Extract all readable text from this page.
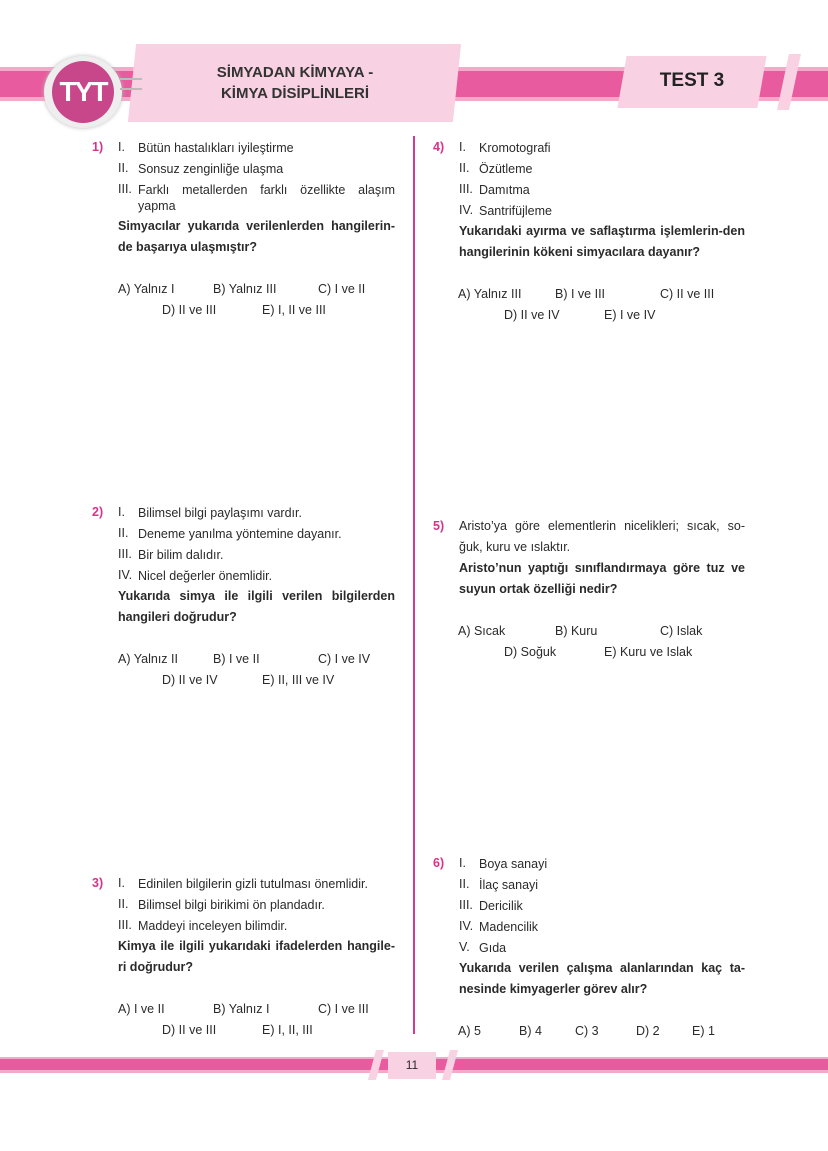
SİMYADAN KİMYAYA -
KİMYA DİSİPLİNLERİ
TYT	TEST 3
11
1) I.	Bütün hastalıkları iyileştirme
II. Sonsuz zenginliğe ulaşma
III. Farklı metallerden farklı özellikte alaşım yapma
Simyacılar yukarıda verilenlerden hangilerin-de başarıya ulaşmıştır?
A) Yalnız I	B) Yalnız III	C) I ve II
D) II ve III	E) I, II ve III
2) I.	Bilimsel bilgi paylaşımı vardır.
II. Deneme yanılma yöntemine dayanır.
III. Bir bilim dalıdır.
IV. Nicel değerler önemlidir.
Yukarıda simya ile ilgili verilen bilgilerden hangileri doğrudur?
A) Yalnız II	B) I ve II	C) I ve IV
D) II ve IV	E) II, III ve IV
3) I.	Edinilen bilgilerin gizli tutulması önemlidir.
II. Bilimsel bilgi birikimi ön plandadır.
III. Maddeyi inceleyen bilimdir.
Kimya ile ilgili yukarıdaki ifadelerden hangile-ri doğrudur?
A) I ve II	B) Yalnız I	C) I ve III
D) II ve III	E) I, II, III
4) I.	Kromotografi
II. Özütleme
III. Damıtma
IV. Santrifüjleme
Yukarıdaki ayırma ve saflaştırma işlemlerin-den hangilerinin kökeni simyacılara dayanır?
A) Yalnız III	B) I ve III	C) II ve III
D) II ve IV	E) I ve IV
5) Aristo’ya göre elementlerin nicelikleri; sıcak, so-ğuk, kuru ve ıslaktır.
Aristo’nun yaptığı sınıflandırmaya göre tuz ve suyun ortak özelliği nedir?
A) Sıcak	B) Kuru	C) Islak
D) Soğuk	E) Kuru ve Islak
6) I.	Boya sanayi
II. İlaç sanayi
III. Dericilik
IV. Madencilik
V. Gıda
Yukarıda verilen çalışma alanlarından kaç ta-nesinde kimyagerler görev alır?
A) 5	B) 4	C) 3	D) 2	E) 1
